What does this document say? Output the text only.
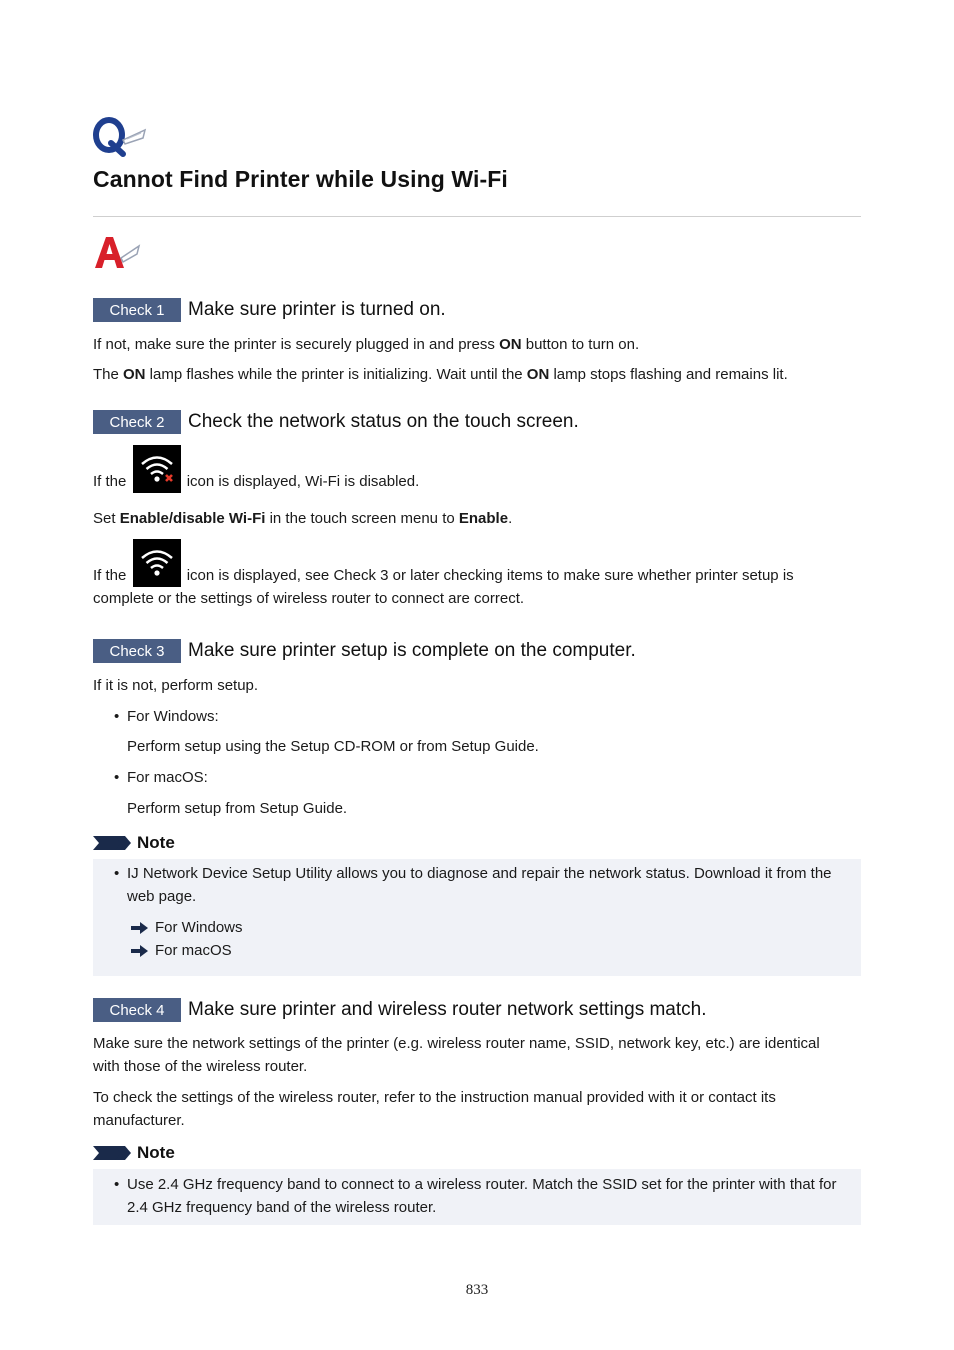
Cannot Find Printer while Using Wi-Fi
Check 1	Make sure printer is turned on.

If not, make sure the printer is securely plugged in and press ON button to turn on.

The ON lamp flashes while the printer is initializing. Wait until the ON lamp stops flashing and remains lit.

Check 2	Check the network status on the touch screen.

If the	icon is displayed, Wi-Fi is disabled.

Set Enable/disable Wi-Fi in the touch screen menu to Enable.

If the	icon is displayed, see Check 3 or later checking items to make sure whether printer setup is
complete or the settings of wireless router to connect are correct.

Check 3	Make sure printer setup is complete on the computer.

If it is not, perform setup.

• For Windows:
Perform setup using the Setup CD-ROM or from Setup Guide.
• For macOS:
Perform setup from Setup Guide.
Note
• IJ Network Device Setup Utility allows you to diagnose and repair the network status. Download it from the
web page.
For Windows
For macOS
Check 4	Make sure printer and wireless router network settings match.

Make sure the network settings of the printer (e.g. wireless router name, SSID, network key, etc.) are identical
with those of the wireless router.

To check the settings of the wireless router, refer to the instruction manual provided with it or contact its
manufacturer.

Note
• Use 2.4 GHz frequency band to connect to a wireless router. Match the SSID set for the printer with that for
2.4 GHz frequency band of the wireless router.
833
